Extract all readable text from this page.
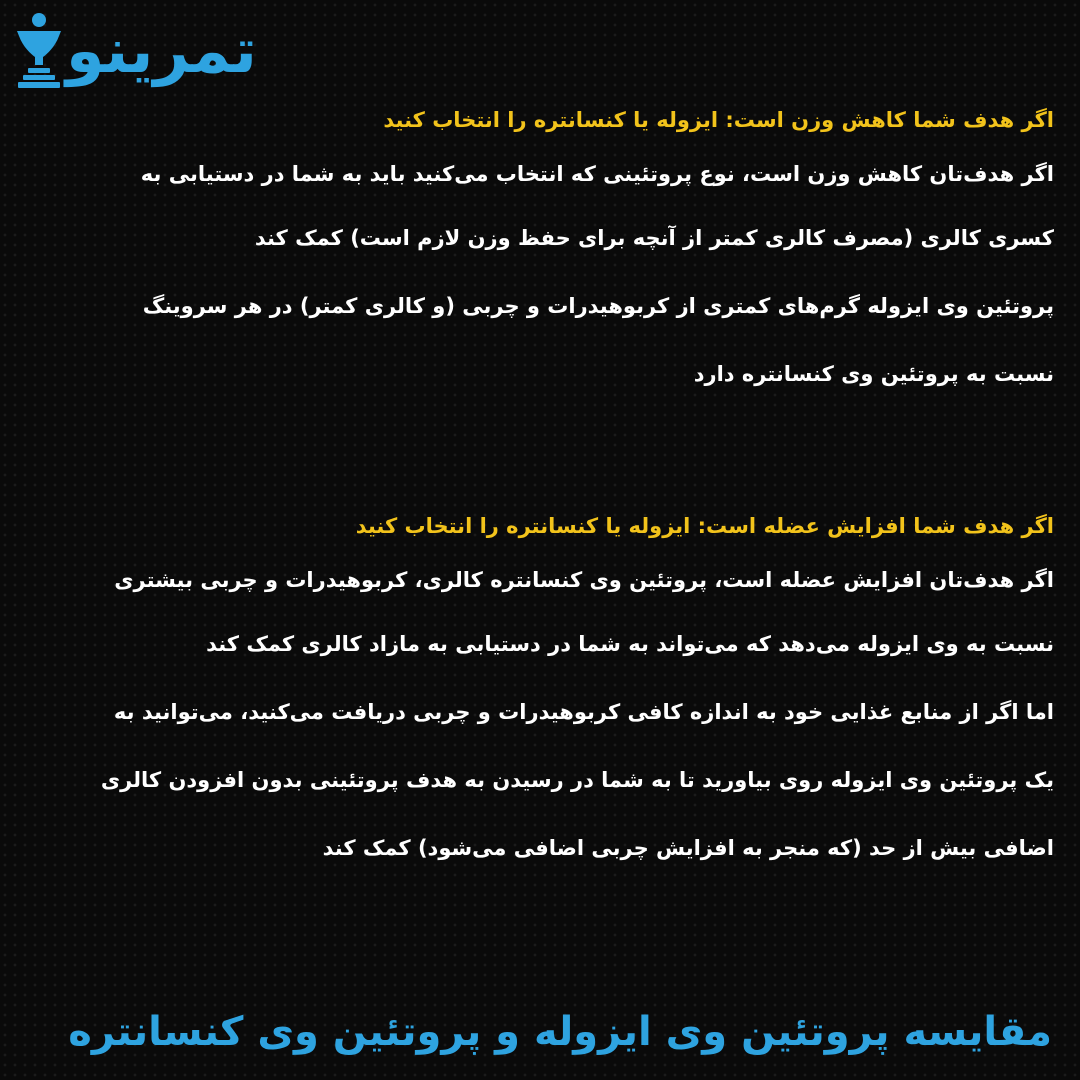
تمرینو
اگر هدف شما کاهش وزن است: ایزوله یا کنسانتره را انتخاب کنید
اگر هدف‌تان کاهش وزن است، نوع پروتئینی که انتخاب می‌کنید باید به شما در دستیابی به
کسری کالری (مصرف کالری کمتر از آنچه برای حفظ وزن لازم است) کمک کند
پروتئین وی ایزوله گرم‌های کمتری از کربوهیدرات و چربی (و کالری کمتر) در هر سروینگ
نسبت به پروتئین وی کنسانتره دارد
اگر هدف شما افزایش عضله است: ایزوله یا کنسانتره را انتخاب کنید
اگر هدف‌تان افزایش عضله است، پروتئین وی کنسانتره کالری، کربوهیدرات و چربی بیشتری
نسبت به وی ایزوله می‌دهد که می‌تواند به شما در دستیابی به مازاد کالری کمک کند
اما اگر از منابع غذایی خود به اندازه کافی کربوهیدرات و چربی دریافت می‌کنید، می‌توانید به
یک پروتئین وی ایزوله روی بیاورید تا به شما در رسیدن به هدف پروتئینی بدون افزودن کالری
اضافی بیش از حد (که منجر به افزایش چربی اضافی می‌شود) کمک کند
مقایسه پروتئین وی ایزوله و پروتئین وی کنسانتره
